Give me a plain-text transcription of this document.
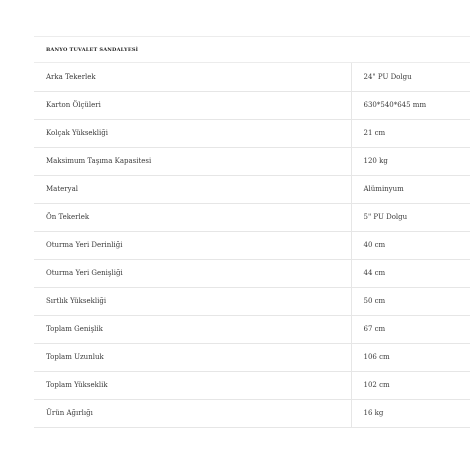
BANYO TUVALET SANDALYESİ
Arka Tekerlek	24" PU Dolgu
Karton Ölçüleri	630*540*645 mm
Kolçak Yüksekliği	21 cm
Maksimum Taşıma Kapasitesi	120 kg
Materyal	Alüminyum
Ön Tekerlek	5" PU Dolgu
Oturma Yeri Derinliği	40 cm
Oturma Yeri Genişliği	44 cm
Sırtlık Yüksekliği	50 cm
Toplam Genişlik	67 cm
Toplam Uzunluk	106 cm
Toplam Yükseklik	102 cm
Ürün Ağırlığı	16 kg
